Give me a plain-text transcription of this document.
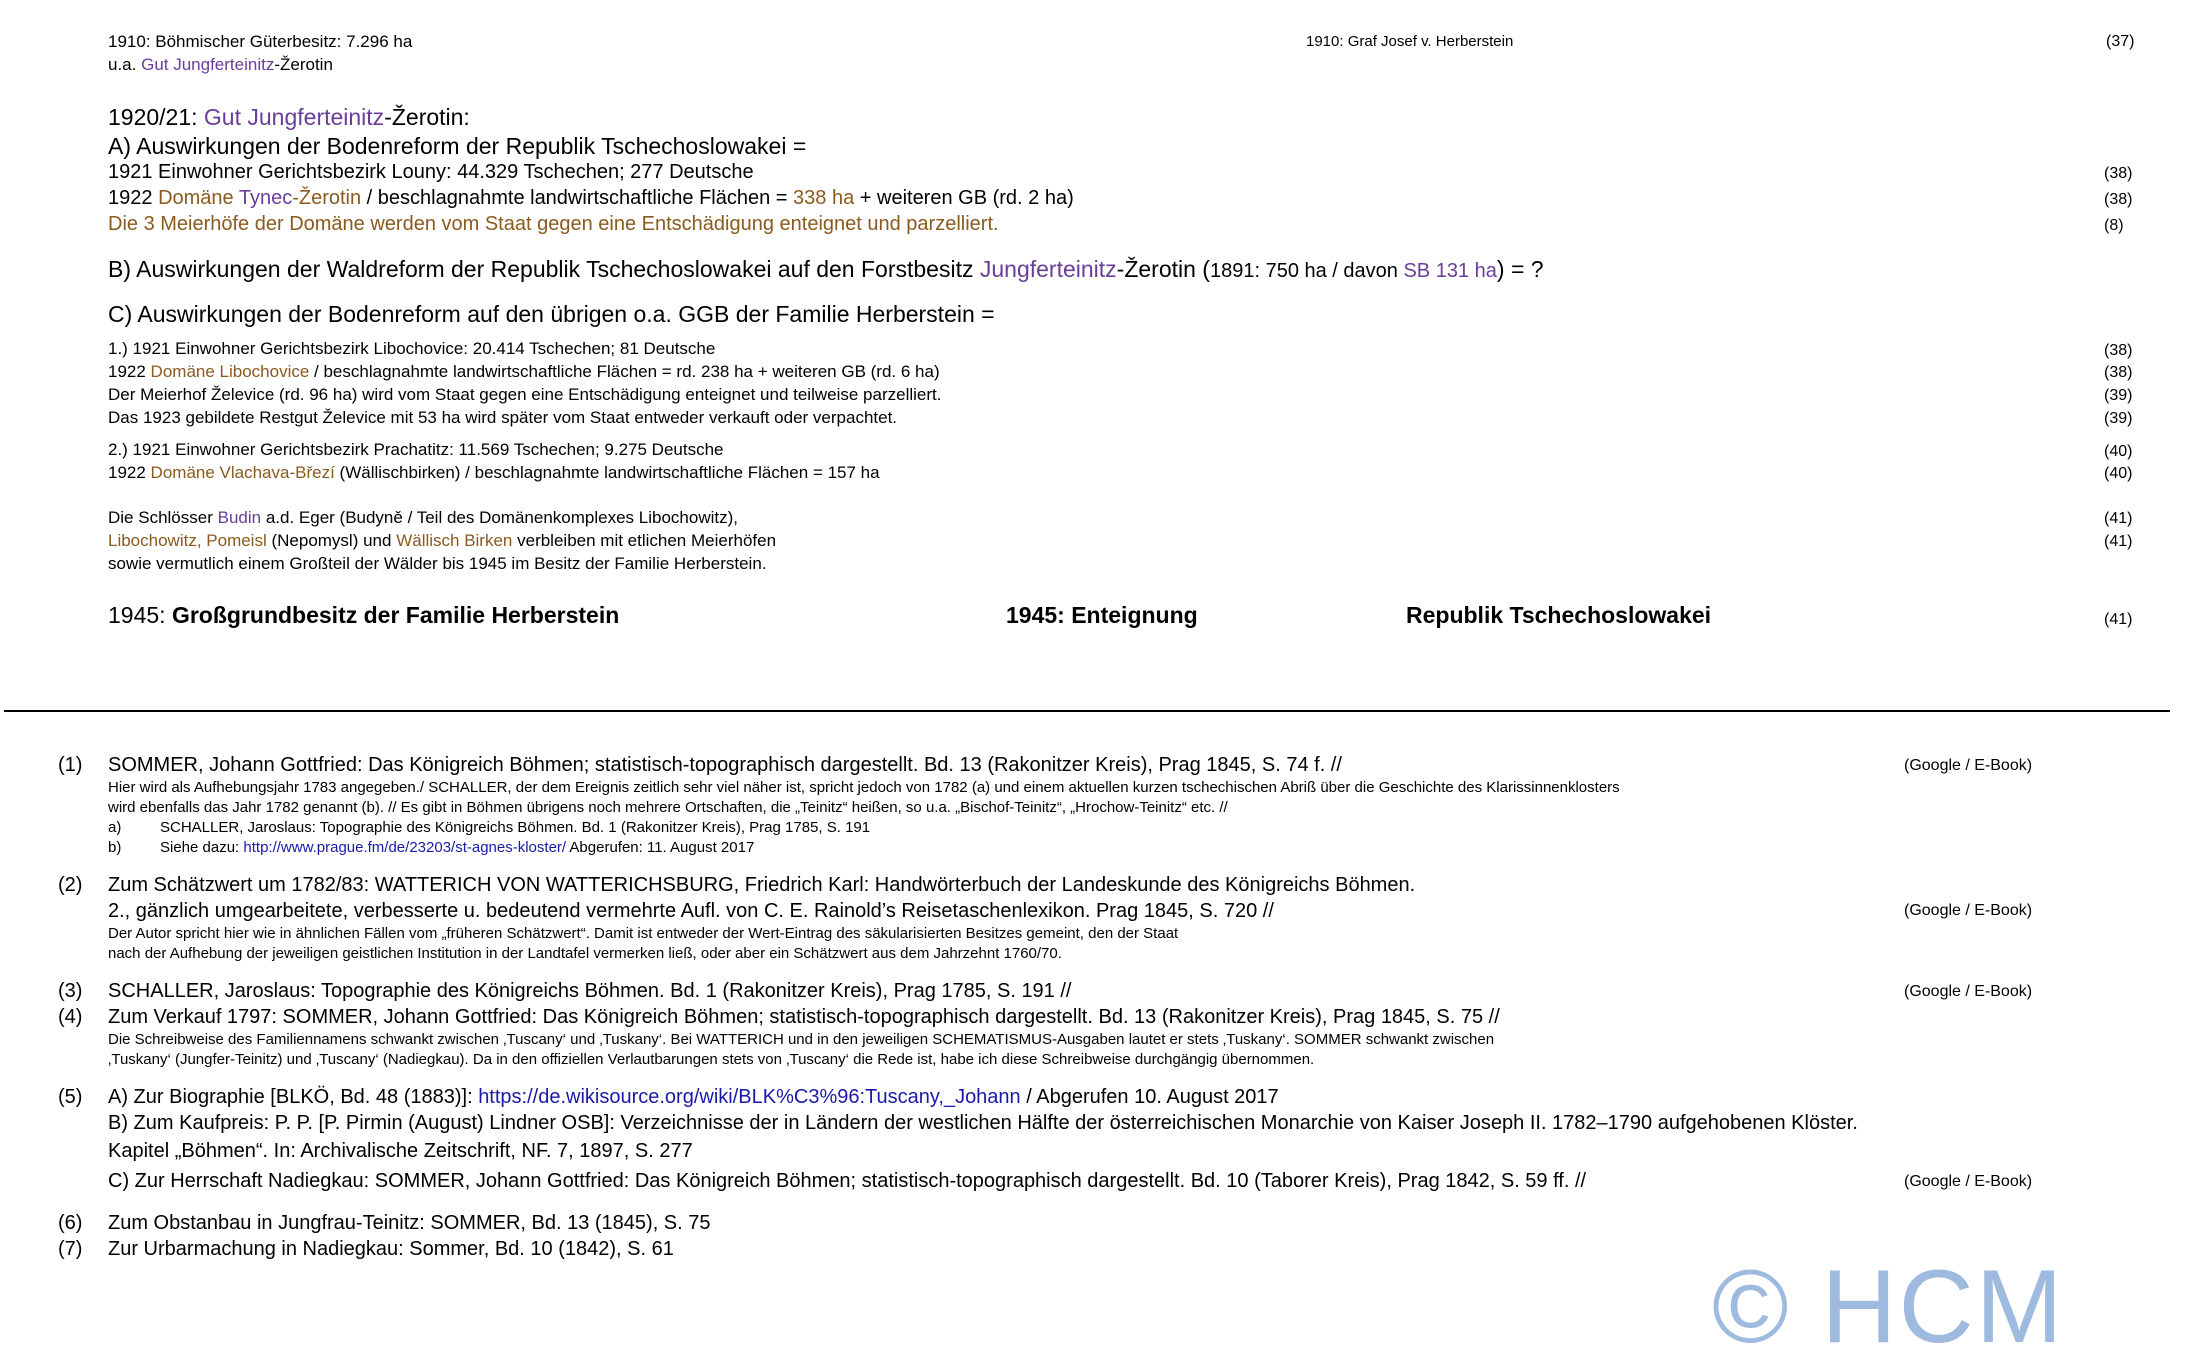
1910: Böhmischer Güterbesitz: 7.296 ha
u.a. Gut Jungferteinitz-Žerotin
1910: Graf Josef v. Herberstein	(37)
1920/21: Gut Jungferteinitz-Žerotin:
A) Auswirkungen der Bodenreform der Republik Tschechoslowakei =
1921 Einwohner Gerichtsbezirk Louny: 44.329 Tschechen; 277 Deutsche	(38)
1922 Domäne Tynec-Žerotin / beschlagnahmte landwirtschaftliche Flächen = 338 ha + weiteren GB (rd. 2 ha)	(38)
Die 3 Meierhöfe der Domäne werden vom Staat gegen eine Entschädigung enteignet und parzelliert.	(8)
B) Auswirkungen der Waldreform der Republik Tschechoslowakei auf den Forstbesitz Jungferteinitz-Žerotin (1891: 750 ha / davon SB 131 ha) = ?
C) Auswirkungen der Bodenreform auf den übrigen o.a. GGB der Familie Herberstein =
1.) 1921 Einwohner Gerichtsbezirk Libochovice: 20.414 Tschechen; 81 Deutsche	(38)
1922 Domäne Libochovice / beschlagnahmte landwirtschaftliche Flächen = rd. 238 ha + weiteren GB (rd. 6 ha)	(38)
Der Meierhof Želevice (rd. 96 ha) wird vom Staat gegen eine Entschädigung enteignet und teilweise parzelliert.	(39)
Das 1923 gebildete Restgut Želevice mit 53 ha wird später vom Staat entweder verkauft oder verpachtet.	(39)
2.) 1921 Einwohner Gerichtsbezirk Prachatitz: 11.569 Tschechen; 9.275 Deutsche	(40)
1922 Domäne Vlachava-Březí (Wällischbirken) / beschlagnahmte landwirtschaftliche Flächen = 157 ha	(40)
Die Schlösser Budin a.d. Eger (Budyně / Teil des Domänenkomplexes Libochowitz),	(41)
Libochowitz, Pomeisl (Nepomysl) und Wällisch Birken verbleiben mit etlichen Meierhöfen	(41)
sowie vermutlich einem Großteil der Wälder bis 1945 im Besitz der Familie Herberstein.
1945: Großgrundbesitz der Familie Herberstein	1945: Enteignung	Republik Tschechoslowakei	(41)
(1) SOMMER, Johann Gottfried: Das Königreich Böhmen; statistisch-topographisch dargestellt. Bd. 13 (Rakonitzer Kreis), Prag 1845, S. 74 f. //	(Google / E-Book)
Hier wird als Aufhebungsjahr 1783 angegeben./ SCHALLER, der dem Ereignis zeitlich sehr viel näher ist, spricht jedoch von 1782 (a) und einem aktuellen kurzen tschechischen Abriß über die Geschichte des Klarissinnenklosters
wird ebenfalls das Jahr 1782 genannt (b). // Es gibt in Böhmen übrigens noch mehrere Ortschaften, die „Teinitz“ heißen, so u.a. „Bischof-Teinitz“, „Hrochow-Teinitz“ etc. //
a)	SCHALLER, Jaroslaus: Topographie des Königreichs Böhmen. Bd. 1 (Rakonitzer Kreis), Prag 1785, S. 191
b)	Siehe dazu: http://www.prague.fm/de/23203/st-agnes-kloster/ Abgerufen: 11. August 2017
(2) Zum Schätzwert um 1782/83: WATTERICH VON WATTERICHSBURG, Friedrich Karl: Handwörterbuch der Landeskunde des Königreichs Böhmen.
2., gänzlich umgearbeitete, verbesserte u. bedeutend vermehrte Aufl. von C. E. Rainold’s Reisetaschenlexikon. Prag 1845, S. 720 //	(Google / E-Book)
Der Autor spricht hier wie in ähnlichen Fällen vom „früheren Schätzwert“. Damit ist entweder der Wert-Eintrag des säkularisierten Besitzes gemeint, den der Staat
nach der Aufhebung der jeweiligen geistlichen Institution in der Landtafel vermerken ließ, oder aber ein Schätzwert aus dem Jahrzehnt 1760/70.
(3) SCHALLER, Jaroslaus: Topographie des Königreichs Böhmen. Bd. 1 (Rakonitzer Kreis), Prag 1785, S. 191 //	(Google / E-Book)
(4) Zum Verkauf 1797: SOMMER, Johann Gottfried: Das Königreich Böhmen; statistisch-topographisch dargestellt. Bd. 13 (Rakonitzer Kreis), Prag 1845, S. 75 //
Die Schreibweise des Familiennamens schwankt zwischen ‚Tuscany‘ und ‚Tuskany‘. Bei WATTERICH und in den jeweiligen SCHEMATISMUS-Ausgaben lautet er stets ‚Tuskany‘. SOMMER schwankt zwischen
‚Tuskany‘ (Jungfer-Teinitz) und ‚Tuscany‘ (Nadiegkau). Da in den offiziellen Verlautbarungen stets von ‚Tuscany‘ die Rede ist, habe ich diese Schreibweise durchgängig übernommen.
(5) A) Zur Biographie [BLKÖ, Bd. 48 (1883)]: https://de.wikisource.org/wiki/BLK%C3%96:Tuscany,_Johann / Abgerufen 10. August 2017
B) Zum Kaufpreis: P. P. [P. Pirmin (August) Lindner OSB]: Verzeichnisse der in Ländern der westlichen Hälfte der österreichischen Monarchie von Kaiser Joseph II. 1782–1790 aufgehobenen Klöster.
Kapitel „Böhmen“. In: Archivalische Zeitschrift, NF. 7, 1897, S. 277
C) Zur Herrschaft Nadiegkau: SOMMER, Johann Gottfried: Das Königreich Böhmen; statistisch-topographisch dargestellt. Bd. 10 (Taborer Kreis), Prag 1842, S. 59 ff. //	(Google / E-Book)
(6) Zum Obstanbau in Jungfrau-Teinitz: SOMMER, Bd. 13 (1845), S. 75
(7) Zur Urbarmachung in Nadiegkau: Sommer, Bd. 10 (1842), S. 61	© HCM
